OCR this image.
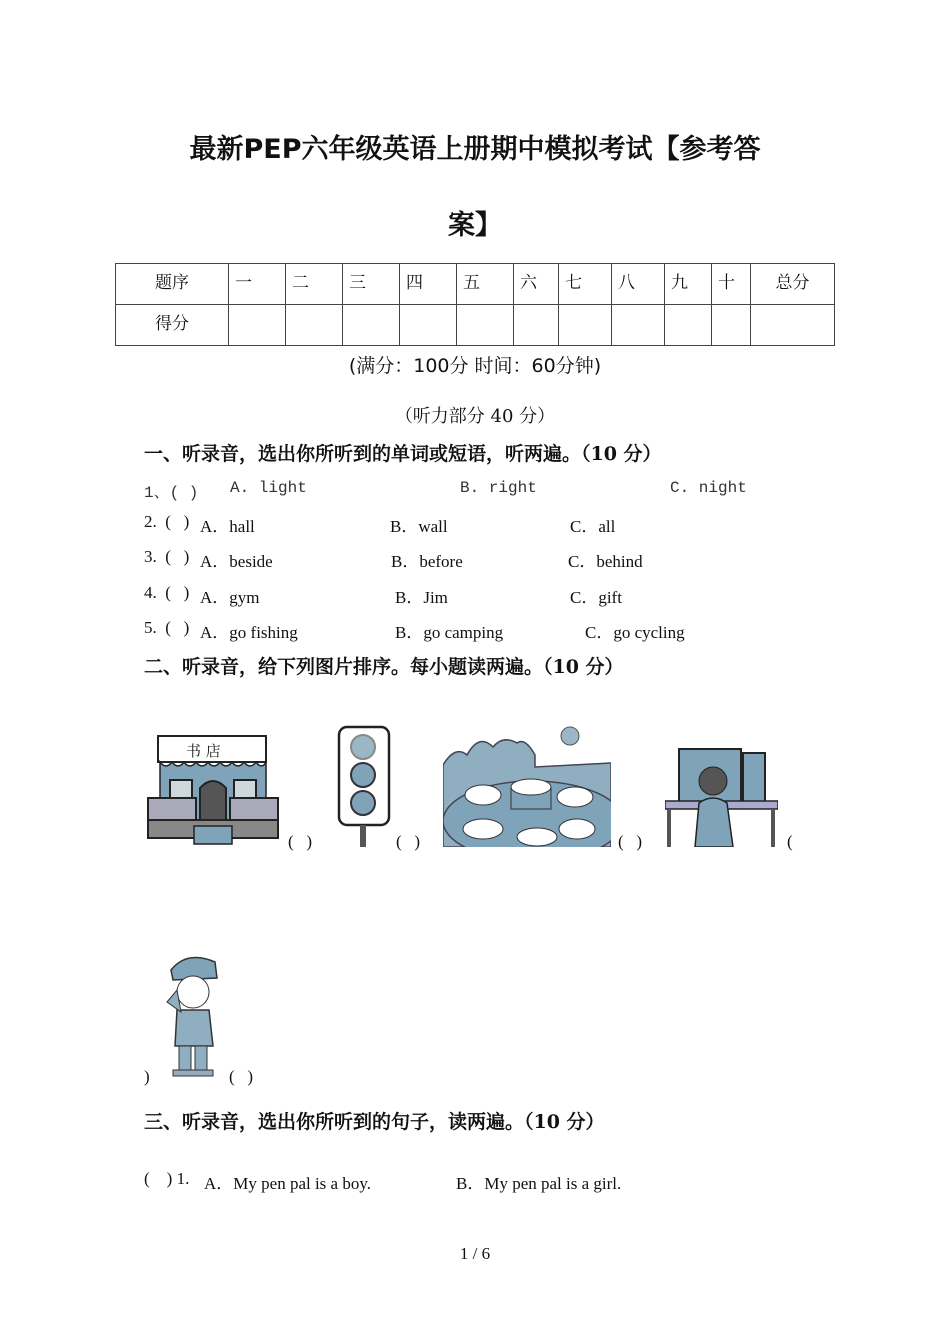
最新PEP六年级英语上册期中模拟考试【参考答
案】
题序	一	二	三	四	五	六	七	八	九	十	总分
得分											
(满分：100分 时间：60分钟)
（听力部分 40 分）
一、听录音，选出你所听到的单词或短语，听两遍。（10 分）
1、( ) A. light	B. right	C. night
2.  (   ) A．hall	B．wall	C．all
3.  (   ) A．beside	B．before	C．behind
4.  (   ) A．gym	B．Jim	C．gift
5.  (   ) A．go fishing	B．go camping	C．go cycling
二、听录音，给下列图片排序。每小题读两遍。（10 分）
书 店
(   )	(   )	(   )	(
)	(   )
三、听录音，选出你所听到的句子，读两遍。（10 分）
(    ) 1. A．My pen pal is a boy.	B．My pen pal is a girl.
1 / 6
